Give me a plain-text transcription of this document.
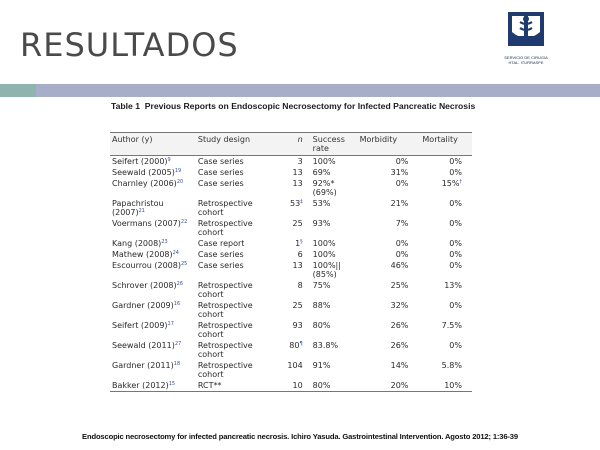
RESULTADOS	SERVICIO DE CIRUGIA
HTAL. ITURRASPE
Table 1 Previous Reports on Endoscopic Necrosectomy for Infected Pancreatic Necrosis
Author (y)	Study design	n	Success rate	Morbidity	Mortality
Seifert $(2000)^9$	Case series	3	100%	0%	0%
Seewald $(2005)^{19}$	Case series	13	69%	31%	0%
Charnley $(2006)^{20}$	Case series	13	92%* (69%)	0%	15%†
Papachristou $(2007)^{21}$	Retrospective cohort	53‡	53%	21%	0%
Voermans $(2007)^{22}$	Retrospective cohort	25	93%	7%	0%
Kang $(2008)^{23}$	Case report	1§	100%	0%	0%
Mathew $(2008)^{24}$	Case series	6	100%	0%	0%
Escourrou $(2008)^{25}$	Case series	13	100%|| (85%)	46%	0%
Schrover $(2008)^{26}$	Retrospective cohort	8	75%	25%	13%
Gardner $(2009)^{16}$	Retrospective cohort	25	88%	32%	0%
Seifert $(2009)^{17}$	Retrospective cohort	93	80%	26%	7.5%
Seewald $(2011)^{27}$	Retrospective cohort	80¶	83.8%	26%	0%
Gardner $(2011)^{18}$	Retrospective cohort	104	91%	14%	5.8%
Bakker $(2012)^{15}$	RCT**	10	80%	20%	10%
Endoscopic necrosectomy for infected pancreatic necrosis. Ichiro Yasuda. Gastrointestinal Intervention. Agosto 2012; 1:36-39
